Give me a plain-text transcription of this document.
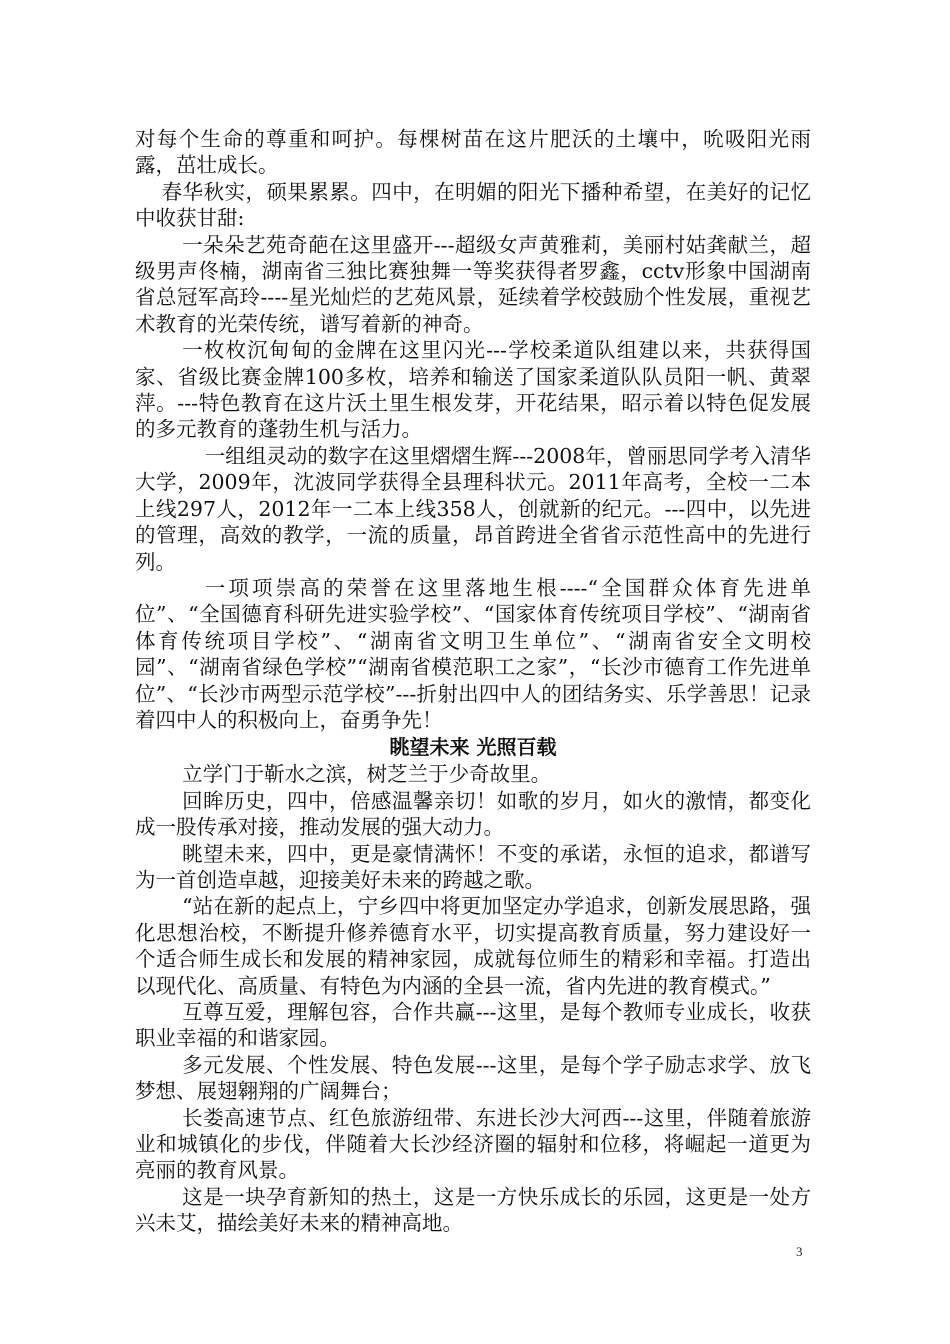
对每个生命的尊重和呵护。每棵树苗在这片肥沃的土壤中，吮吸阳光雨露，茁壮成长。

春华秋实，硕果累累。四中，在明媚的阳光下播种希望，在美好的记忆中收获甘甜:

一朵朵艺苑奇葩在这里盛开---超级女声黄雅莉，美丽村姑龚献兰，超级男声佟楠，湖南省三独比赛独舞一等奖获得者罗鑫，cctv形象中国湖南省总冠军高玲----星光灿烂的艺苑风景，延续着学校鼓励个性发展，重视艺术教育的光荣传统，谱写着新的神奇。

一枚枚沉甸甸的金牌在这里闪光---学校柔道队组建以来，共获得国家、省级比赛金牌100多枚，培养和输送了国家柔道队队员阳一帆、黄翠萍。---特色教育在这片沃土里生根发芽，开花结果，昭示着以特色促发展的多元教育的蓬勃生机与活力。

一组组灵动的数字在这里熠熠生辉---2008年，曾丽思同学考入清华大学，2009年，沈波同学获得全县理科状元。2011年高考，全校一二本上线297人，2012年一二本上线358人，创就新的纪元。---四中，以先进的管理，高效的教学，一流的质量，昂首跨进全省省示范性高中的先进行列。

一项项崇高的荣誉在这里落地生根----“全国群众体育先进单位”、“全国德育科研先进实验学校”、“国家体育传统项目学校”、“湖南省体育传统项目学校”、“湖南省文明卫生单位”、“湖南省安全文明校园”、“湖南省绿色学校”“湖南省模范职工之家”，“长沙市德育工作先进单位”、“长沙市两型示范学校”---折射出四中人的团结务实、乐学善思！记录着四中人的积极向上，奋勇争先！

眺望未来 光照百载

立学门于靳水之滨，树芝兰于少奇故里。

回眸历史，四中，倍感温馨亲切！如歌的岁月，如火的激情，都变化成一股传承对接，推动发展的强大动力。

眺望未来，四中，更是豪情满怀！不变的承诺，永恒的追求，都谱写为一首创造卓越，迎接美好未来的跨越之歌。

“站在新的起点上，宁乡四中将更加坚定办学追求，创新发展思路，强化思想治校，不断提升修养德育水平，切实提高教育质量，努力建设好一个适合师生成长和发展的精神家园，成就每位师生的精彩和幸福。打造出以现代化、高质量、有特色为内涵的全县一流，省内先进的教育模式。”

互尊互爱，理解包容，合作共赢---这里，是每个教师专业成长，收获职业幸福的和谐家园。

多元发展、个性发展、特色发展---这里，是每个学子励志求学、放飞梦想、展翅翱翔的广阔舞台；

长娄高速节点、红色旅游纽带、东进长沙大河西---这里，伴随着旅游业和城镇化的步伐，伴随着大长沙经济圈的辐射和位移，将崛起一道更为亮丽的教育风景。

这是一块孕育新知的热土，这是一方快乐成长的乐园，这更是一处方兴未艾，描绘美好未来的精神高地。

3
